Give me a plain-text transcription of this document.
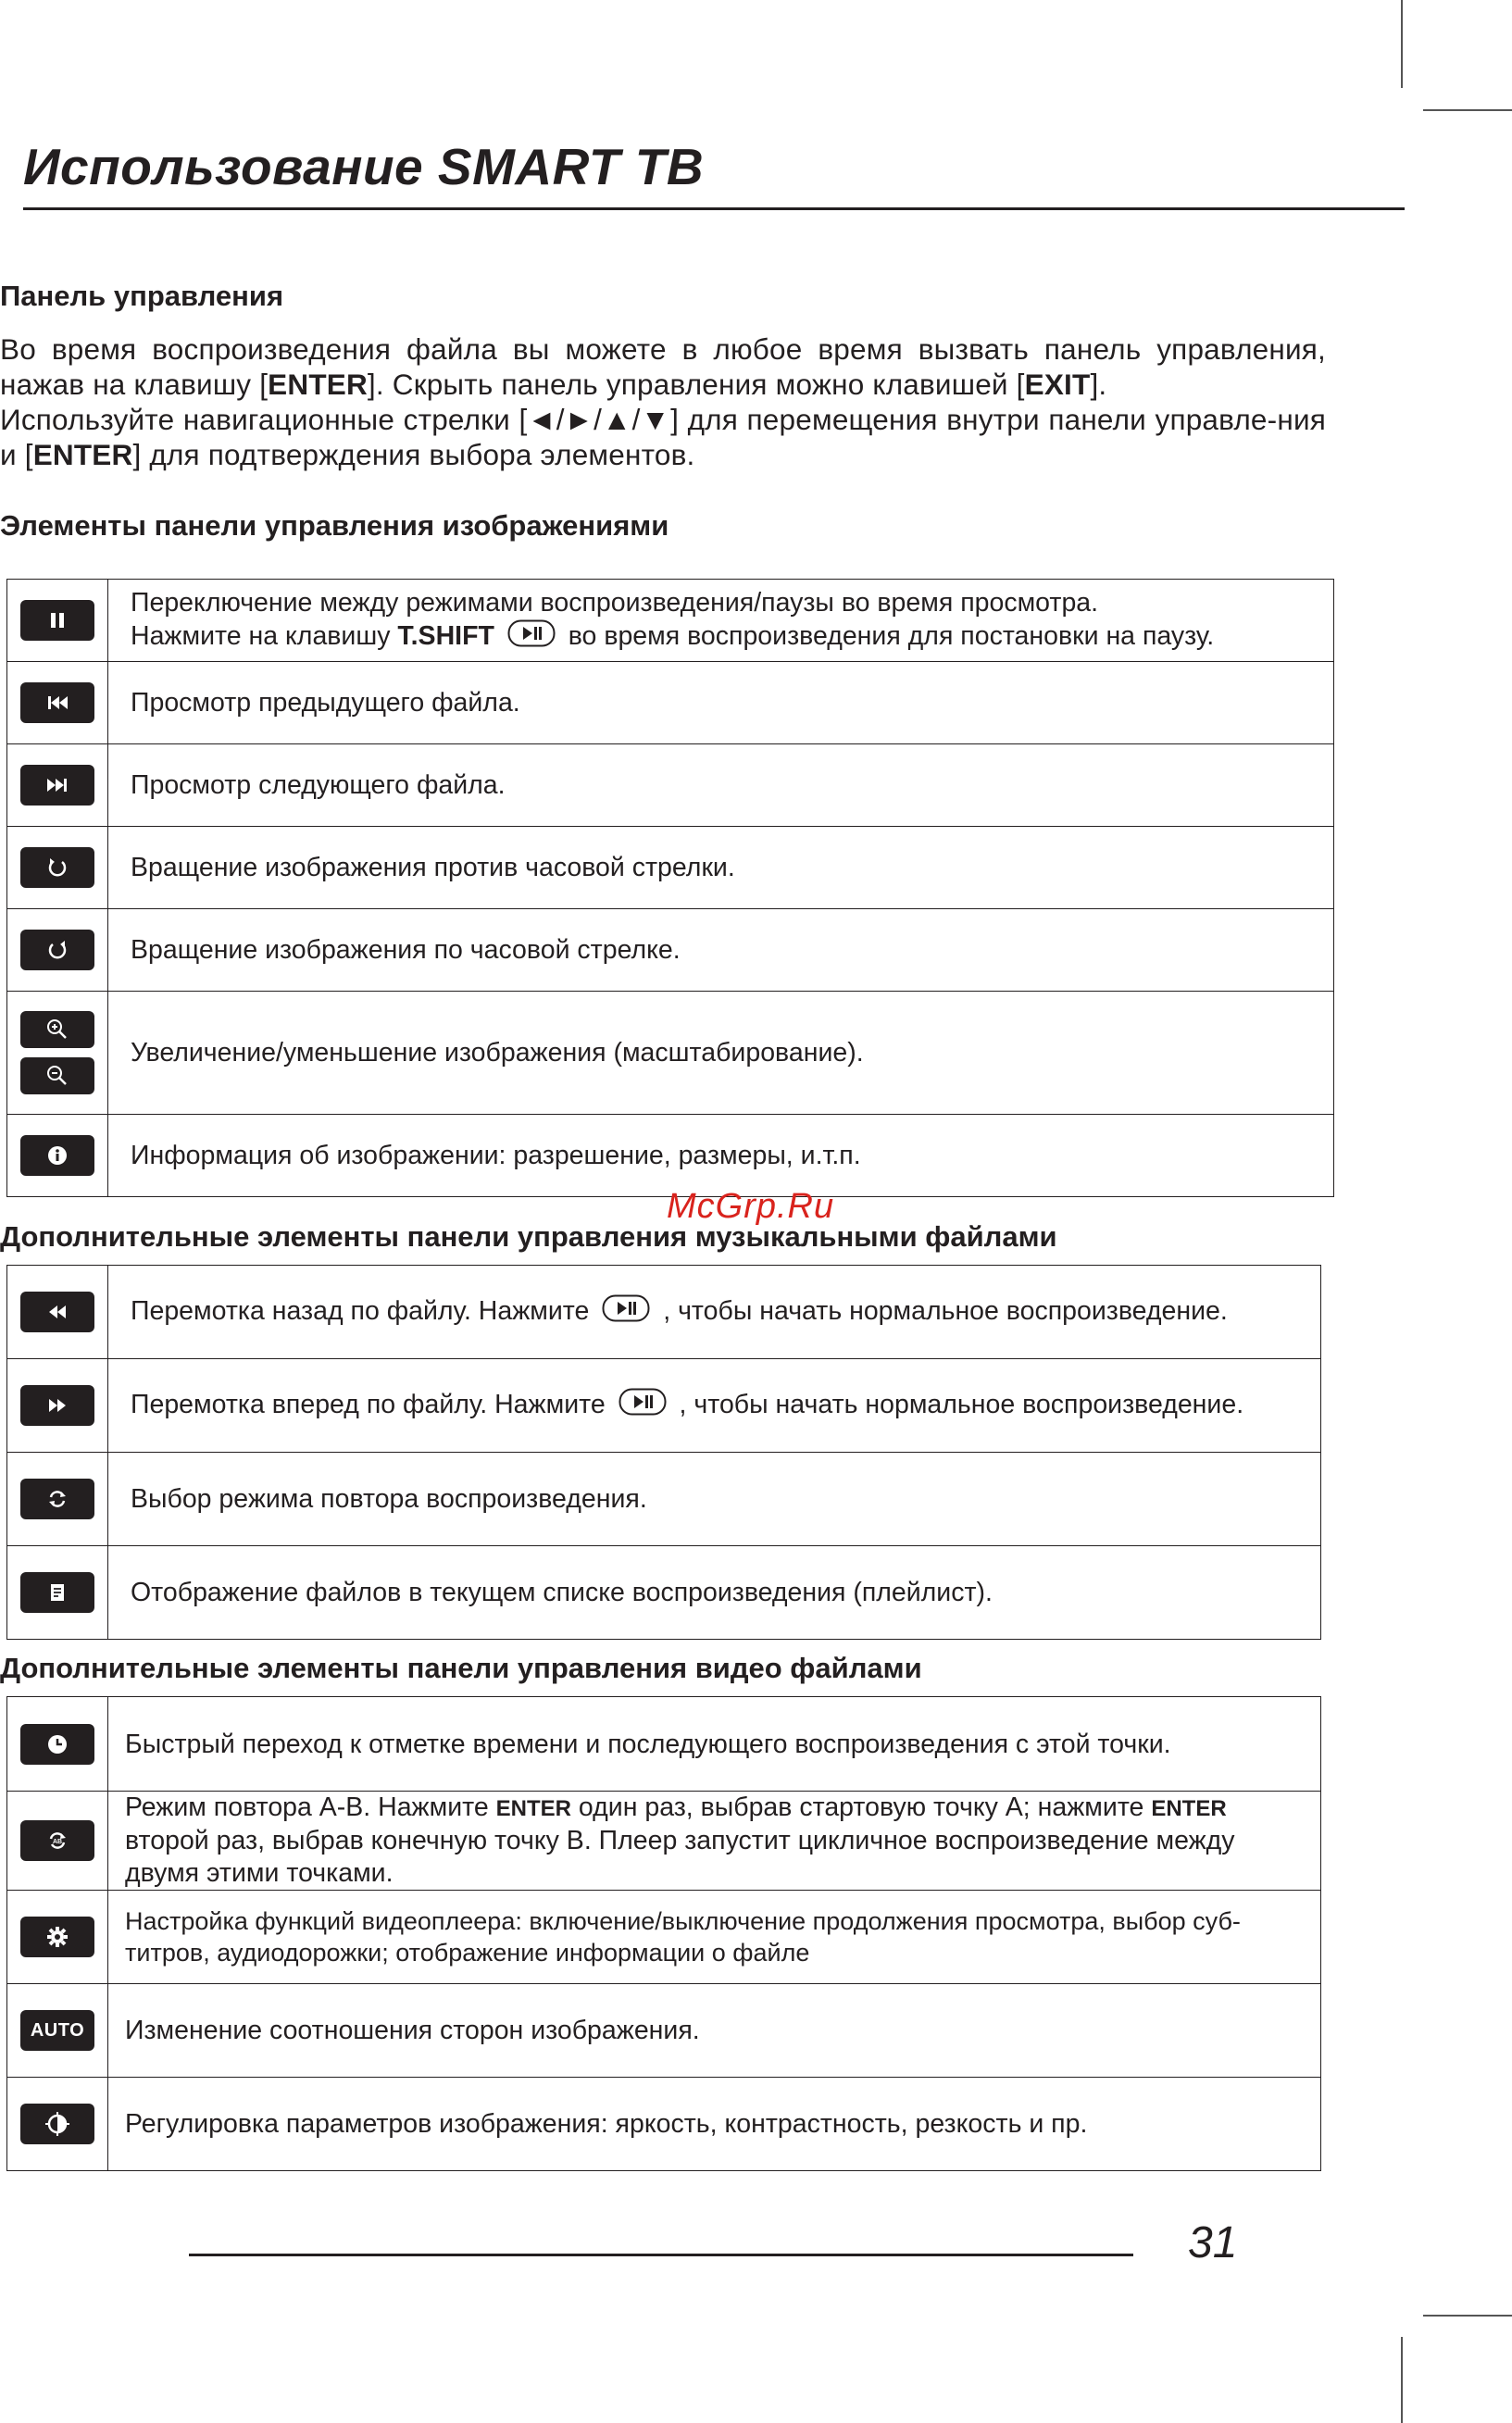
Использование SMART ТВ
Панель управления

Во время воспроизведения файла вы можете в любое время вызвать панель управления, нажав на клавишу [ENTER]. Скрыть панель управления можно клавишей [EXIT].
Используйте навигационные стрелки [◄/►/▲/▼] для перемещения внутри панели управле-ния и [ENTER] для подтверждения выбора элементов.

Элементы панели управления изображениями
	Переключение между режимами воспроизведения/паузы во время просмотра.
Нажмите на клавишу T.SHIFT во время воспроизведения для постановки на паузу.

	Просмотр предыдущего файла.

	Просмотр следующего файла.

	Вращение изображения против часовой стрелки.

	Вращение изображения по часовой стрелке.

	Увеличение/уменьшение изображения (масштабирование).

	Информация об изображении: разрешение, размеры, и.т.п.

McGrp.Ru

Дополнительные элементы панели управления музыкальными файлами
	Перемотка назад по файлу. Нажмите  , чтобы начать нормальное воспроизведение.

	Перемотка вперед по файлу. Нажмите  , чтобы начать нормальное воспроизведение.

	Выбор режима повтора воспроизведения.

	Отображение файлов в текущем списке воспроизведения (плейлист).
Дополнительные элементы панели управления видео файлами
	Быстрый переход к отметке времени и последующего воспроизведения с этой точки.

AB	Режим повтора А-В. Нажмите ENTER один раз, выбрав стартовую точку А; нажмите ENTER второй раз, выбрав конечную точку В. Плеер запустит цикличное воспроизведение между двумя этими точками.

	Настройка функций видеоплеера: включение/выключение продолжения просмотра, выбор суб-титров, аудиодорожки; отображение информации о файле

AUTO	Изменение соотношения сторон изображения.

	Регулировка параметров изображения: яркость, контрастность, резкость и пр.

31
